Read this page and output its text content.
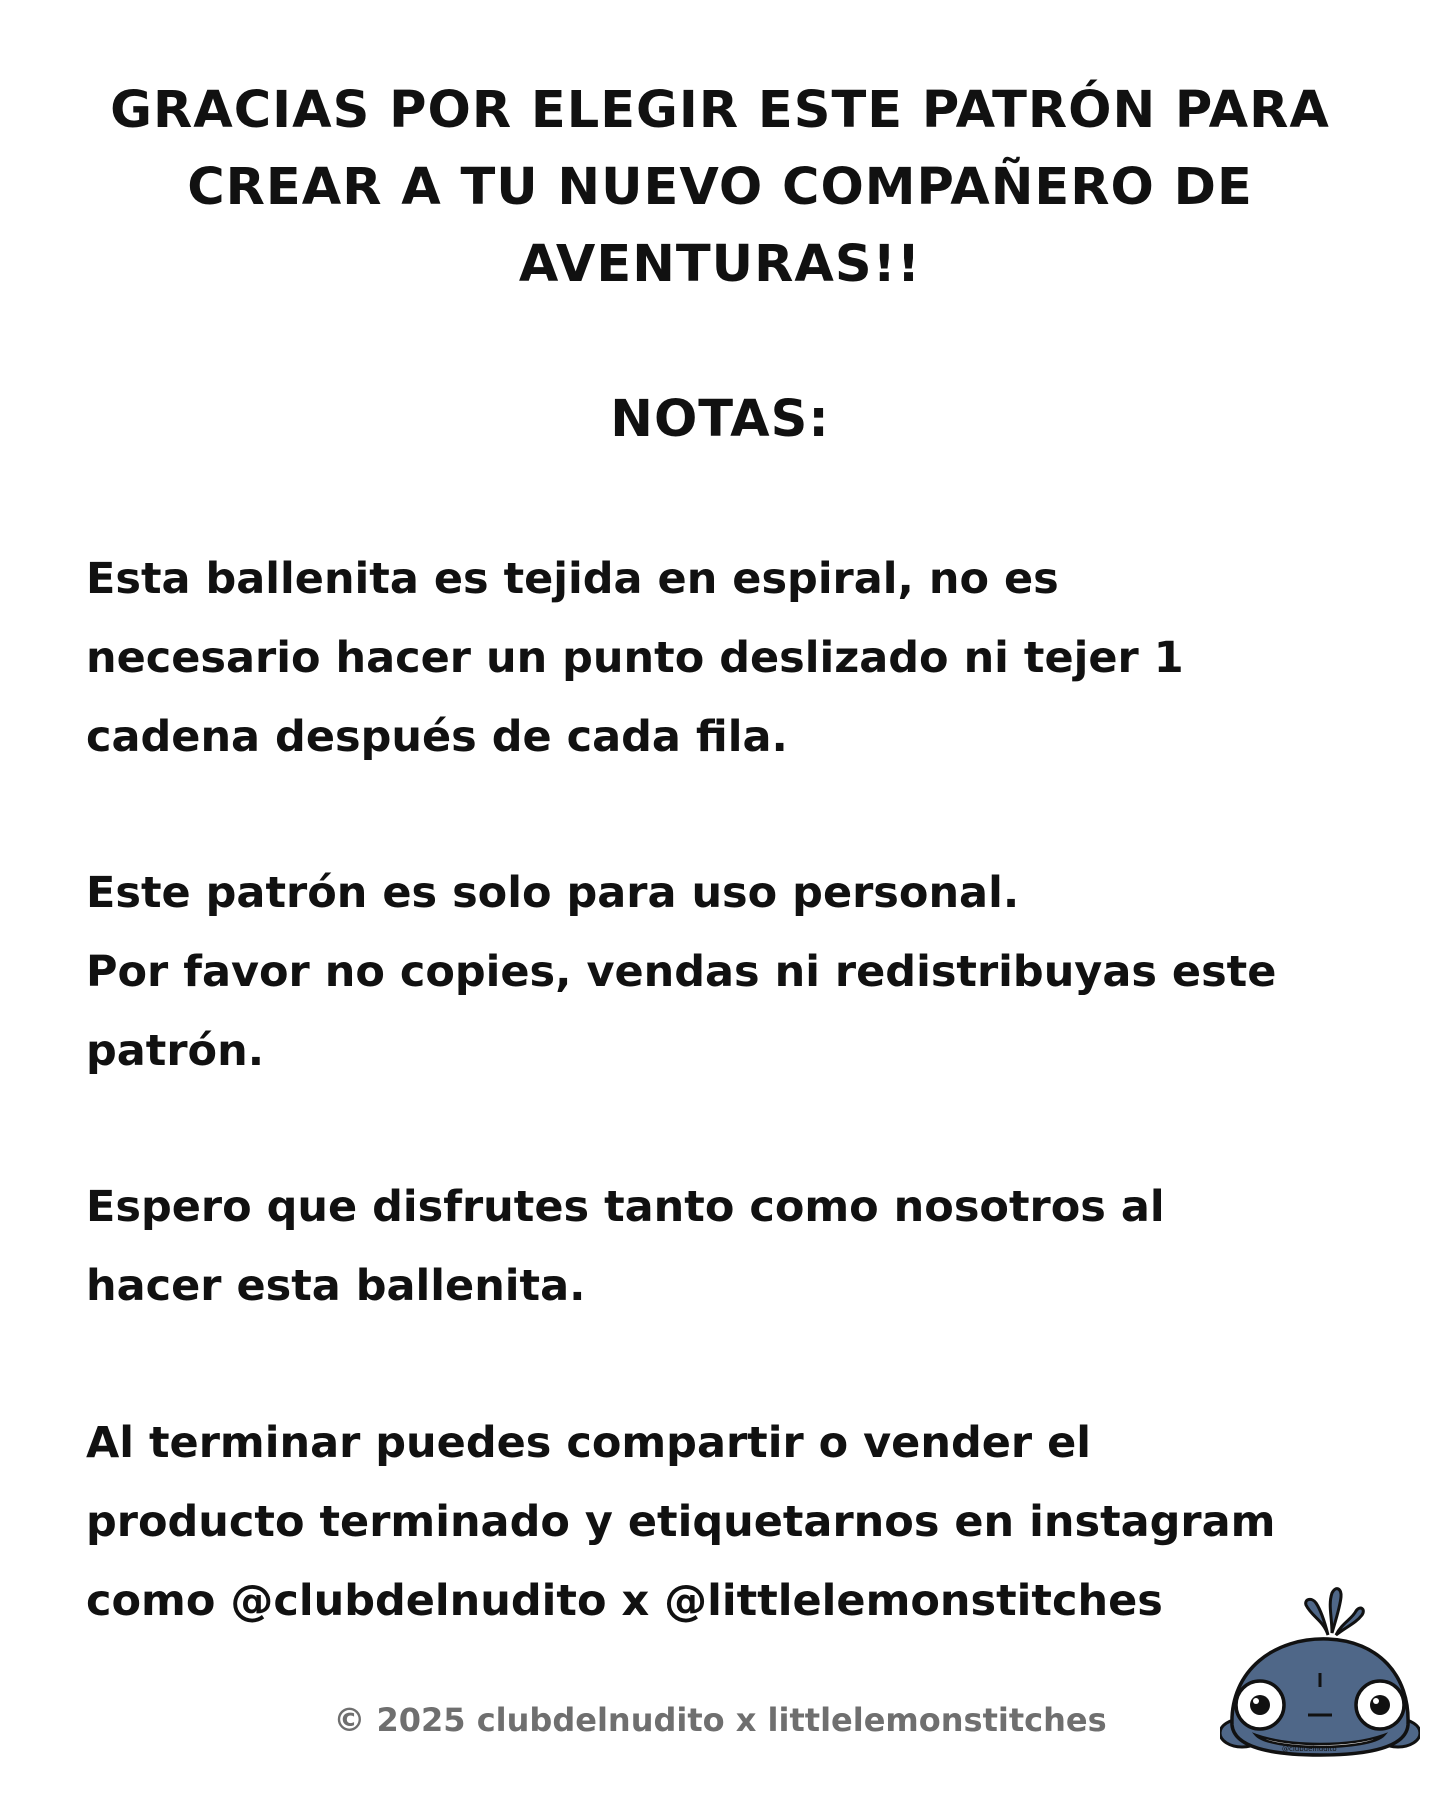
GRACIAS POR ELEGIR ESTE PATRÓN PARA
CREAR A TU NUEVO COMPAÑERO DE
AVENTURAS!!
NOTAS:
Esta ballenita es tejida en espiral, no es
necesario hacer un punto deslizado ni tejer 1
cadena después de cada fila.
Este patrón es solo para uso personal.
Por favor no copies, vendas ni redistribuyas este
patrón.
Espero que disfrutes tanto como nosotros al
hacer esta ballenita.
Al terminar puedes compartir o vender el
producto terminado y etiquetarnos en instagram
como @clubdelnudito x @littlelemonstitches
© 2025 clubdelnudito x littlelemonstitches
@clubdelnudito
